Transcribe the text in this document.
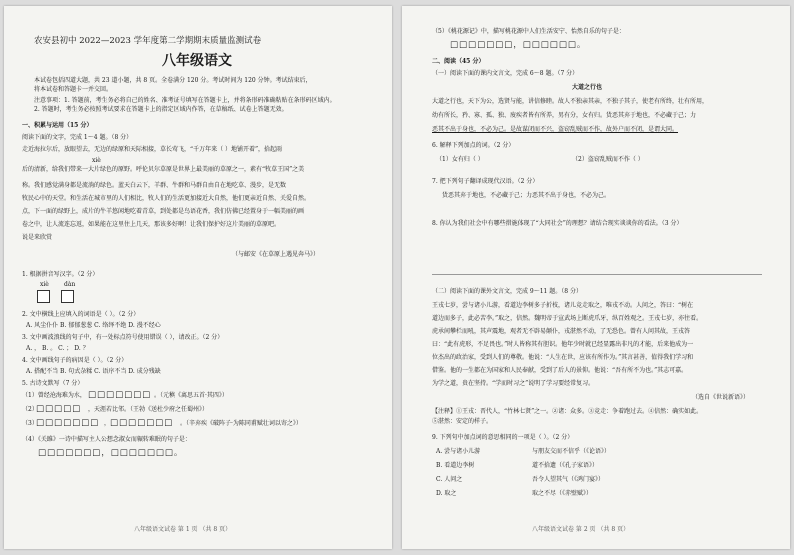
农安县初中 2022—2023 学年度第二学期期末质量监测试卷
八年级语文
本试卷包括四道大题，共 23 道小题，共 8 页。全卷满分 120 分。考试时间为 120 分钟。考试结束后，
将本试卷和答题卡一并交回。
注意事项：1. 答题前，考生务必将自己的姓名、准考证号填写在答题卡上，并将条形码准确粘贴在条形码区域内。
2. 答题时，考生务必按照考试要求在答题卡上的指定区域内作答，在草稿纸、试卷上答题无效。
一、积累与运用（15 分）
阅读下面的文字，完成 1～4 题。（8 分）
走近海拉尔后，放眼望去，无边的绿原和天际相接，草长莺飞，“千万年来（ ）地铺开着”，拾起雨
xiè
后的清新，给我们带来一大片绿色的原野。呼伦贝尔草原是世界上最美丽的草原之一，素有“牧草王国”之美
称。我们感觉满身都是流淌的绿色。蓝天白云下，羊群、牛群和马群自由自在地吃草、漫步，是无数
牧民心中的天堂。和生活在城市里的人们相比，牧人们的生活更加接近大自然，他们更亲近自然、关爱自然。
点，下一面的绿野上，成片的牛羊悠闲地吃着青草，到处都是鸟语花香，我们仿佛已经置身于一幅美丽的画
卷之中，让人流连忘返，如果能在这里住上几天，那该多好啊！让我们保护好这片美丽的草原吧。
说是来欣赏
（与邮安《在草原上遇见奔马》）
1. 根据拼音写汉字。（2 分）
xiè	dàn
2. 文中横线上应填入的词语是（ ）。（2 分）
A. 风尘仆仆 B. 郁郁葱葱 C. 络绎不绝 D. 漫不经心
3. 文中画波浪线的句子中，有一处标点符号使用错误（ ），请改正。（2 分）
A. ， B. 。 C. ； D. ？
4. 文中画线句子的病因是（ ）。（2 分）
A. 搭配不当 B. 句式杂糅 C. 语序不当 D. 成分残缺
5. 古诗文默写（7 分）
（1）曾经沧海难为水， □□□□□□□ 。（元稹《离思五首·其四》）
（2）
□□□□□ ，天涯若比邻。（王勃《送杜少府之任蜀州》）
（3）
□□□□□□□ ， □□□□□□□ 。（辛弃疾《破阵子·为陈同甫赋壮词以寄之》）
（4）《关雎》一诗中描写主人公想念淑女而辗转难眠的句子是：
□□□□□□□，□□□□□□□。
八年级语文试卷 第 1 页 （共 8 页）
（5）《桃花源记》中，描写桃花源中人们生活安宁、怡然自乐的句子是：
□□□□□□□，□□□□□□。
二、阅读（45 分）
（一）阅读下面的课内文言文，完成 6～8 题。（7 分）
大道之行也
大道之行也，天下为公，选贤与能，讲信修睦。故人不独亲其亲，不独子其子，使老有所终，壮有所用，
幼有所长，矜、寡、孤、独、废疾者皆有所养，男有分，女有归。货恶其弃于地也，不必藏于己；力
恶其不出于身也，不必为己。是故谋闭而不兴，盗窃乱贼而不作，故外户而不闭，是谓大同。
6. 解释下列加点的词。（2 分）
（1）女有归（ ）	（2）盗窃乱贼而不作（ ）
7. 把下列句子翻译成现代汉语。（2 分）
货恶其弃于地也，不必藏于己；力恶其不出于身也，不必为己。
8. 你认为我们社会中有哪些措施体现了“大同社会”的理想？请结合现实谈谈你的看法。（3 分）
（二）阅读下面的课外文言文，完成 9～11 题。（8 分）
王戎七岁，尝与诸小儿游，看道边李树多子折枝，诸儿竞走取之，唯戎不动。人问之，答曰：“树在
道边而多子，此必苦李。”取之，信然。魏明帝于宣武场上断虎爪牙，纵百姓观之。王戎七岁，亦往看。
虎承间攀栏而吼，其声震地，观者无不辟易颠仆，戎湛然不动，了无恐色。曾有人问其故，王戎答
曰：“此有虎形，不足畏也。”时人皆称其有胆识。他年少时就已经显露出非凡的才能，后来他成为一
位杰出的政治家，受到人们的尊敬。他说：“人生在世，应该有所作为。”其言甚善，值得我们学习和
借鉴。他的一生都在为国家和人民奉献，受到了后人的景仰。他说：“吾有所不为也。”其志可嘉。
为学之道，贵在坚持。“学而时习之”说明了学习要经常复习。
（选自《世说新语》）
【注释】①王戎：晋代人，“竹林七贤”之一。②诸：众多。③竞走：争着跑过去。④信然：确实如此。
⑤湛然：安定的样子。
9. 下列句中加点词的意思相同的一项是（ ）。（2 分）
A. 尝与诸小儿游	与朋友交而不信乎（《论语》）
B. 看道边李树	道不拾遗（《孔子家语》）
C. 人问之	吾令人望其气（《鸿门宴》）
D. 取之	取之不尽（《赤壁赋》）
八年级语文试卷 第 2 页 （共 8 页）
